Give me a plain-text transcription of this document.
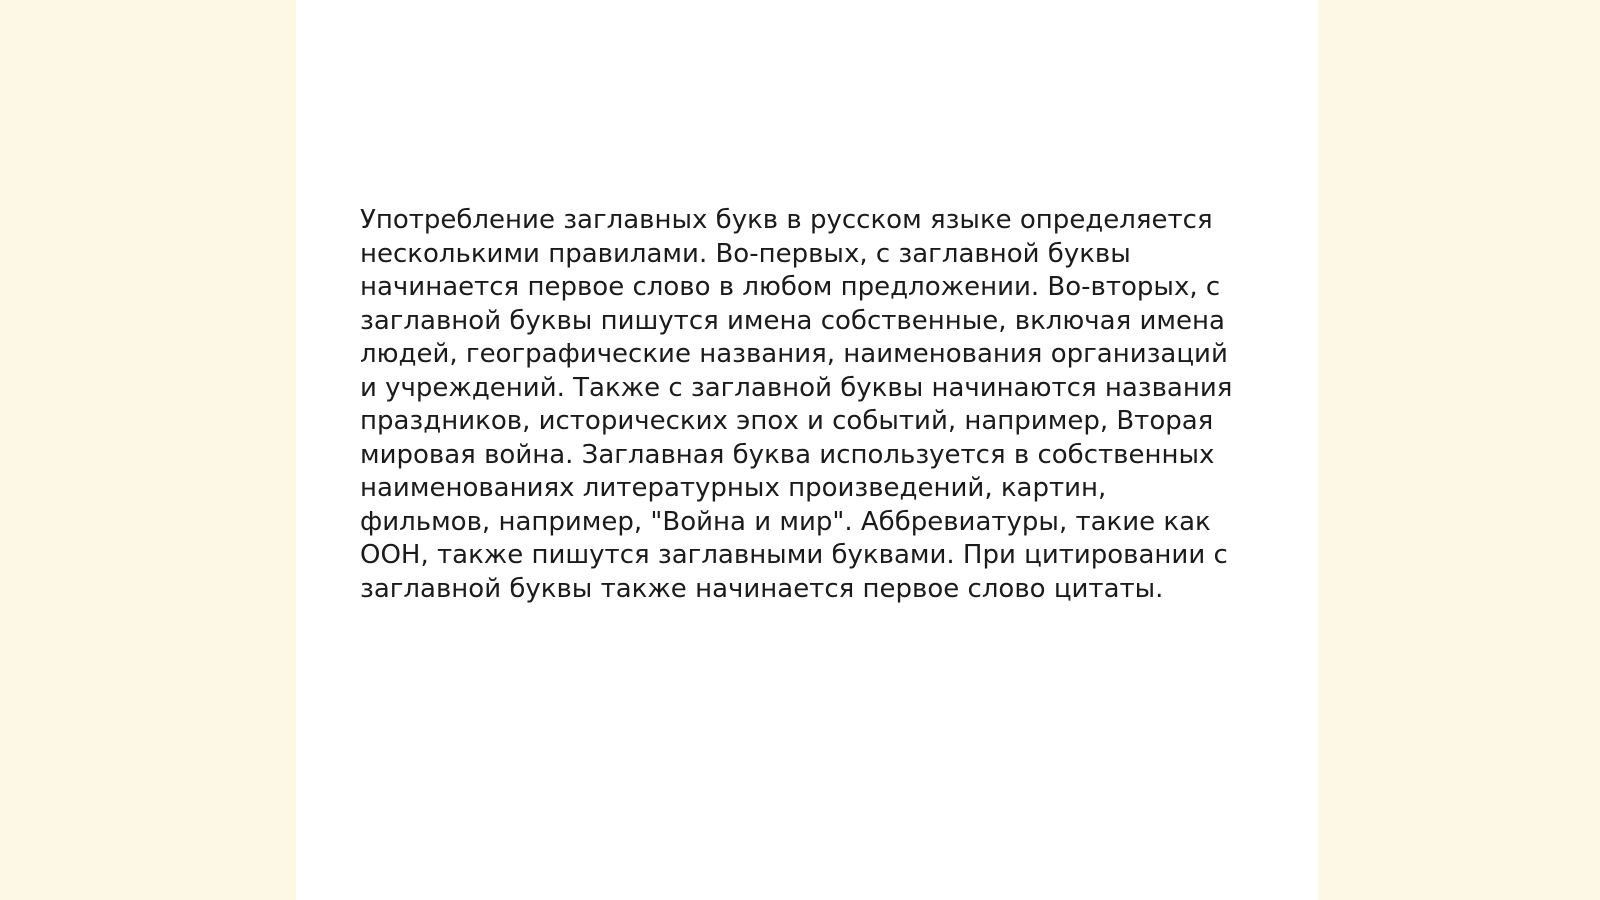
Употребление заглавных букв в русском языке определяется
несколькими правилами. Во-первых, с заглавной буквы
начинается первое слово в любом предложении. Во-вторых, с
заглавной буквы пишутся имена собственные, включая имена
людей, географические названия, наименования организаций
и учреждений. Также с заглавной буквы начинаются названия
праздников, исторических эпох и событий, например, Вторая
мировая война. Заглавная буква используется в собственных
наименованиях литературных произведений, картин,
фильмов, например, "Война и мир". Аббревиатуры, такие как
ООН, также пишутся заглавными буквами. При цитировании с
заглавной буквы также начинается первое слово цитаты.
